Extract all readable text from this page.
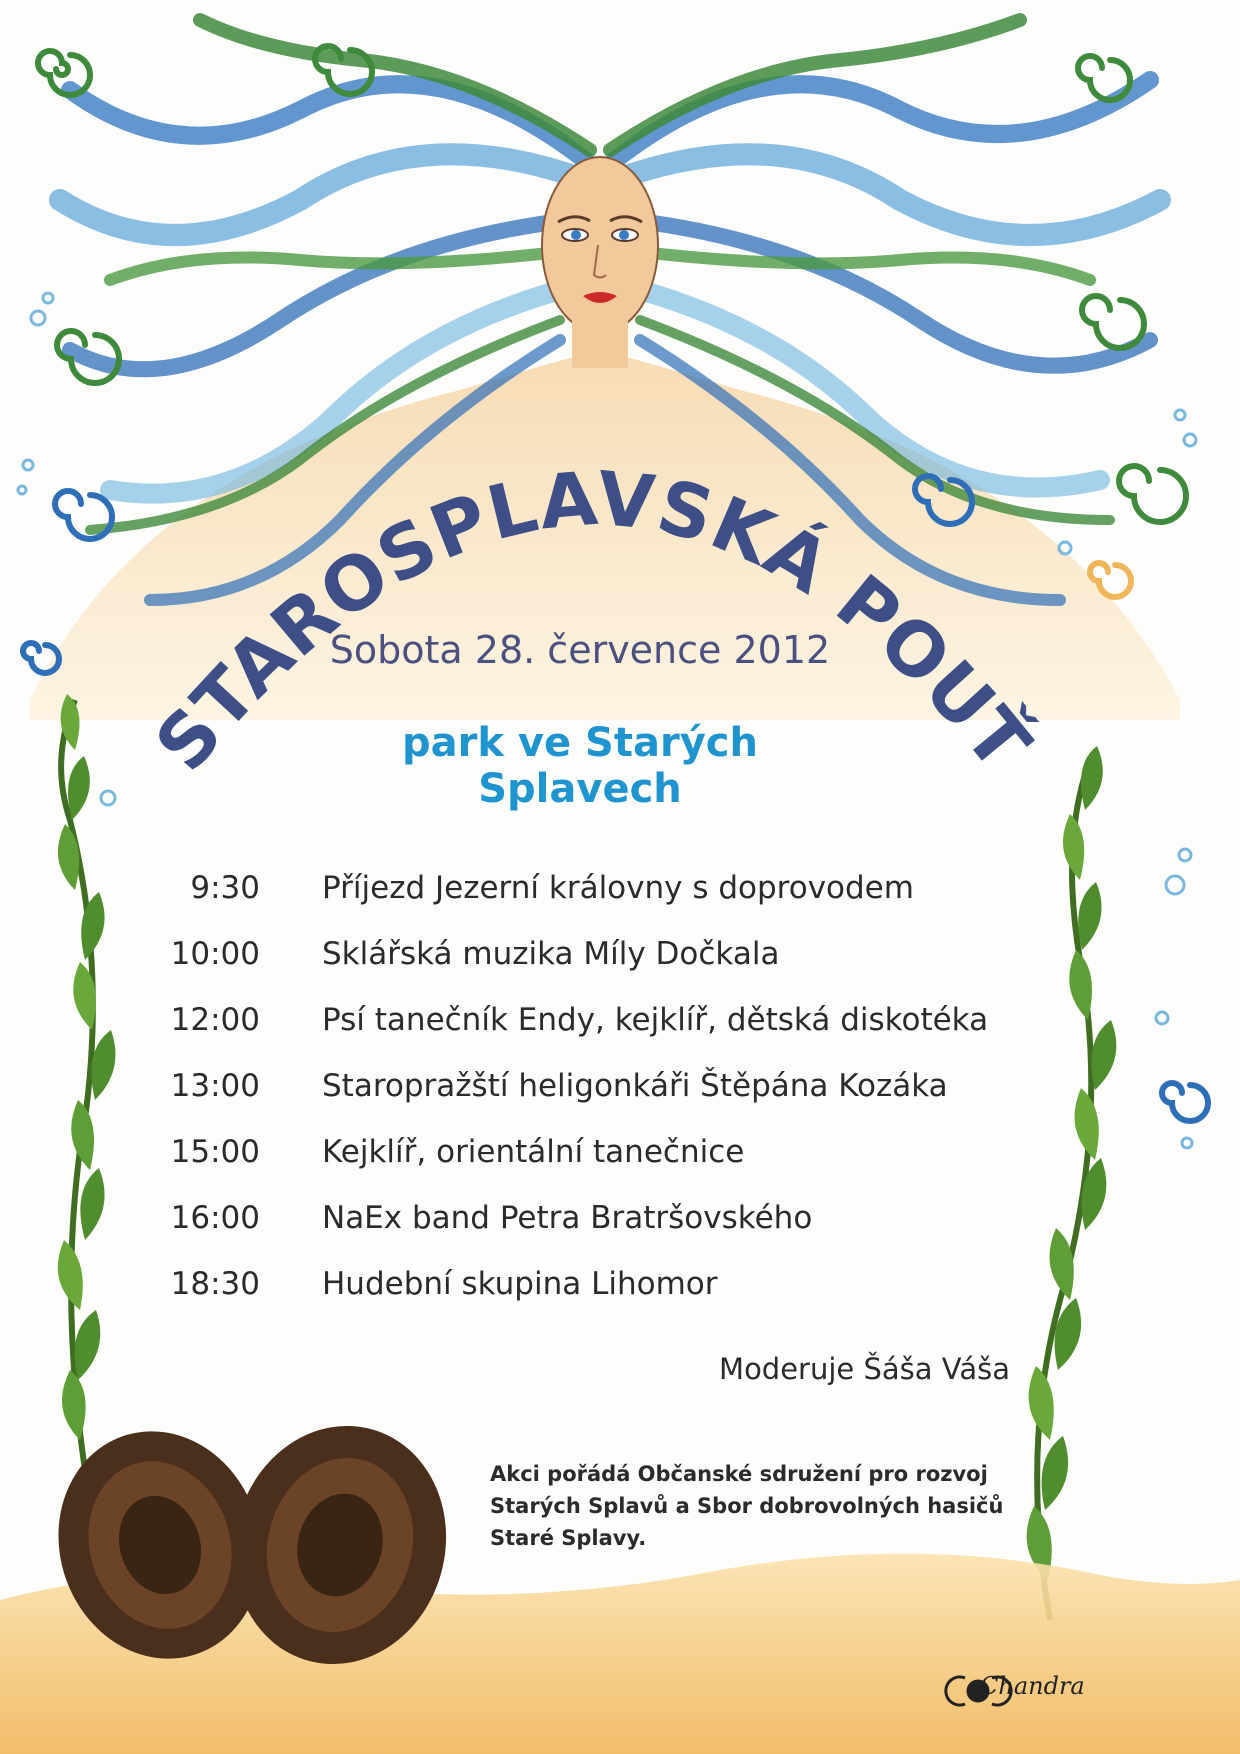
STAROSPLAVSKÁ POUŤ
Sobota 28. července 2012
park ve Starých Splavech
9:30 Příjezd Jezerní královny s doprovodem
10:00 Sklářská muzika Míly Dočkala
12:00 Psí tanečník Endy, kejklíř, dětská diskotéka
13:00 Staropražští heligonkáři Štěpána Kozáka
15:00 Kejklíř, orientální tanečnice
16:00 NaEx band Petra Bratršovského
18:30 Hudební skupina Lihomor
Moderuje Šáša Váša
Akci pořádá Občanské sdružení pro rozvoj
Starých Splavů a Sbor dobrovolných hasičů
Staré Splavy.
Chandra
